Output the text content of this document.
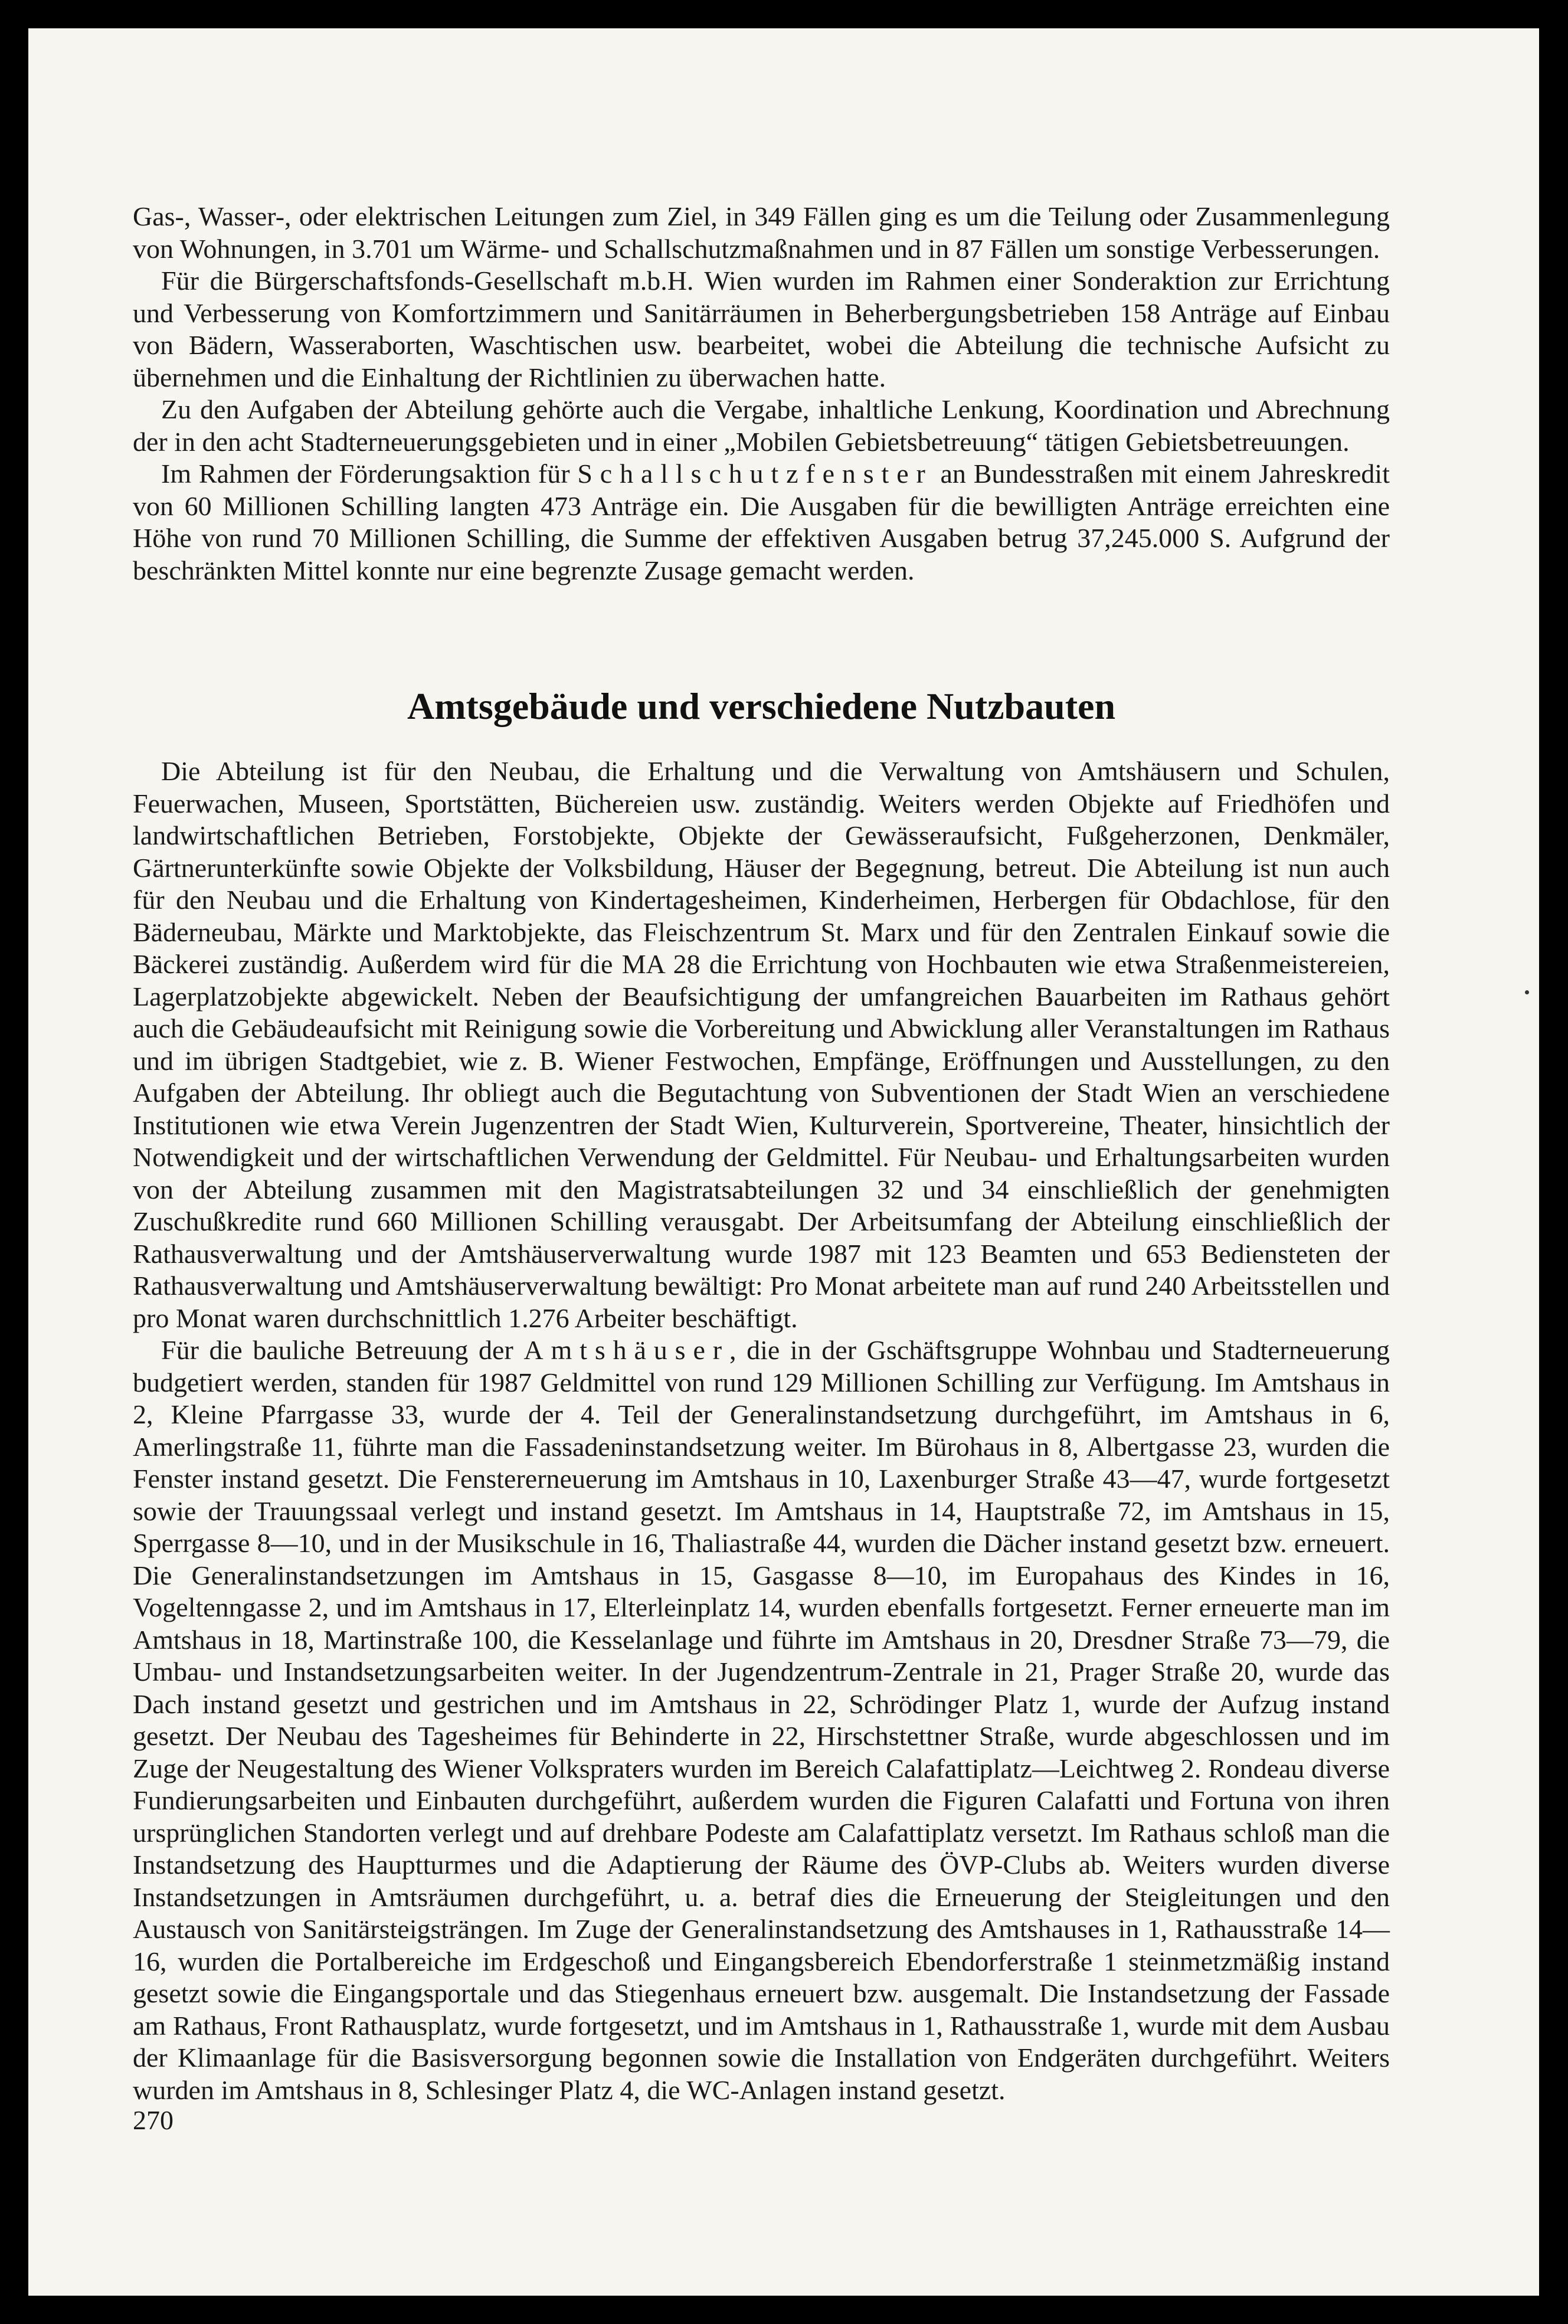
Gas-, Wasser-, oder elektrischen Leitungen zum Ziel, in 349 Fällen ging es um die Teilung oder Zusammenlegung von Wohnungen, in 3.701 um Wärme- und Schallschutzmaßnahmen und in 87 Fällen um sonstige Verbesserungen.

Für die Bürgerschaftsfonds-Gesellschaft m.b.H. Wien wurden im Rahmen einer Sonderaktion zur Errichtung und Verbesserung von Komfortzimmern und Sanitärräumen in Beherbergungsbetrieben 158 Anträge auf Einbau von Bädern, Wasseraborten, Waschtischen usw. bearbeitet, wobei die Abteilung die technische Aufsicht zu übernehmen und die Einhaltung der Richtlinien zu überwachen hatte.

Zu den Aufgaben der Abteilung gehörte auch die Vergabe, inhaltliche Lenkung, Koordination und Abrechnung der in den acht Stadterneuerungsgebieten und in einer „Mobilen Gebietsbetreuung“ tätigen Gebietsbetreuungen.

Im Rahmen der Förderungsaktion für Schallschutzfenster an Bundesstraßen mit einem Jahreskredit von 60 Millionen Schilling langten 473 Anträge ein. Die Ausgaben für die bewilligten Anträge erreichten eine Höhe von rund 70 Millionen Schilling, die Summe der effektiven Ausgaben betrug 37,245.000 S. Aufgrund der beschränkten Mittel konnte nur eine begrenzte Zusage gemacht werden.

Amtsgebäude und verschiedene Nutzbauten

Die Abteilung ist für den Neubau, die Erhaltung und die Verwaltung von Amtshäusern und Schulen, Feuerwachen, Museen, Sportstätten, Büchereien usw. zuständig. Weiters werden Objekte auf Friedhöfen und landwirtschaftlichen Betrieben, Forstobjekte, Objekte der Gewässeraufsicht, Fußgeherzonen, Denkmäler, Gärtnerunterkünfte sowie Objekte der Volksbildung, Häuser der Begegnung, betreut. Die Abteilung ist nun auch für den Neubau und die Erhaltung von Kindertagesheimen, Kinderheimen, Herbergen für Obdachlose, für den Bäderneubau, Märkte und Marktobjekte, das Fleischzentrum St. Marx und für den Zentralen Einkauf sowie die Bäckerei zuständig. Außerdem wird für die MA 28 die Errichtung von Hochbauten wie etwa Straßenmeistereien, Lagerplatzobjekte abgewickelt. Neben der Beaufsichtigung der umfangreichen Bauarbeiten im Rathaus gehört auch die Gebäudeaufsicht mit Reinigung sowie die Vorbereitung und Abwicklung aller Veranstaltungen im Rathaus und im übrigen Stadtgebiet, wie z. B. Wiener Festwochen, Empfänge, Eröffnungen und Ausstellungen, zu den Aufgaben der Abteilung. Ihr obliegt auch die Begutachtung von Subventionen der Stadt Wien an verschiedene Institutionen wie etwa Verein Jugenzentren der Stadt Wien, Kulturverein, Sportvereine, Theater, hinsichtlich der Notwendigkeit und der wirtschaftlichen Verwendung der Geldmittel. Für Neubau- und Erhaltungsarbeiten wurden von der Abteilung zusammen mit den Magistratsabteilungen 32 und 34 einschließlich der genehmigten Zuschußkredite rund 660 Millionen Schilling verausgabt. Der Arbeitsumfang der Abteilung einschließlich der Rathausverwaltung und der Amtshäuserverwaltung wurde 1987 mit 123 Beamten und 653 Bediensteten der Rathausverwaltung und Amtshäuserverwaltung bewältigt: Pro Monat arbeitete man auf rund 240 Arbeitsstellen und pro Monat waren durchschnittlich 1.276 Arbeiter beschäftigt.

Für die bauliche Betreuung der Amtshäuser, die in der Gschäftsgruppe Wohnbau und Stadterneuerung budgetiert werden, standen für 1987 Geldmittel von rund 129 Millionen Schilling zur Verfügung. Im Amtshaus in 2, Kleine Pfarrgasse 33, wurde der 4. Teil der Generalinstandsetzung durchgeführt, im Amtshaus in 6, Amerlingstraße 11, führte man die Fassadeninstandsetzung weiter. Im Bürohaus in 8, Albertgasse 23, wurden die Fenster instand gesetzt. Die Fenstererneuerung im Amtshaus in 10, Laxenburger Straße 43—47, wurde fortgesetzt sowie der Trauungssaal verlegt und instand gesetzt. Im Amtshaus in 14, Hauptstraße 72, im Amtshaus in 15, Sperrgasse 8—10, und in der Musikschule in 16, Thaliastraße 44, wurden die Dächer instand gesetzt bzw. erneuert. Die Generalinstandsetzungen im Amtshaus in 15, Gasgasse 8—10, im Europahaus des Kindes in 16, Vogeltenngasse 2, und im Amtshaus in 17, Elterleinplatz 14, wurden ebenfalls fortgesetzt. Ferner erneuerte man im Amtshaus in 18, Martinstraße 100, die Kesselanlage und führte im Amtshaus in 20, Dresdner Straße 73—79, die Umbau- und Instandsetzungsarbeiten weiter. In der Jugendzentrum-Zentrale in 21, Prager Straße 20, wurde das Dach instand gesetzt und gestrichen und im Amtshaus in 22, Schrödinger Platz 1, wurde der Aufzug instand gesetzt. Der Neubau des Tagesheimes für Behinderte in 22, Hirschstettner Straße, wurde abgeschlossen und im Zuge der Neugestaltung des Wiener Volkspraters wurden im Bereich Calafattiplatz—Leichtweg 2. Rondeau diverse Fundierungsarbeiten und Einbauten durchgeführt, außerdem wurden die Figuren Calafatti und Fortuna von ihren ursprünglichen Standorten verlegt und auf drehbare Podeste am Calafattiplatz versetzt. Im Rathaus schloß man die Instandsetzung des Hauptturmes und die Adaptierung der Räume des ÖVP-Clubs ab. Weiters wurden diverse Instandsetzungen in Amtsräumen durchgeführt, u. a. betraf dies die Erneuerung der Steigleitungen und den Austausch von Sanitärsteigsträngen. Im Zuge der Generalinstandsetzung des Amtshauses in 1, Rathausstraße 14—16, wurden die Portalbereiche im Erdgeschoß und Eingangsbereich Ebendorferstraße 1 steinmetzmäßig instand gesetzt sowie die Eingangsportale und das Stiegenhaus erneuert bzw. ausgemalt. Die Instandsetzung der Fassade am Rathaus, Front Rathausplatz, wurde fortgesetzt, und im Amtshaus in 1, Rathausstraße 1, wurde mit dem Ausbau der Klimaanlage für die Basisversorgung begonnen sowie die Installation von Endgeräten durchgeführt. Weiters wurden im Amtshaus in 8, Schlesinger Platz 4, die WC-Anlagen instand gesetzt.

270
